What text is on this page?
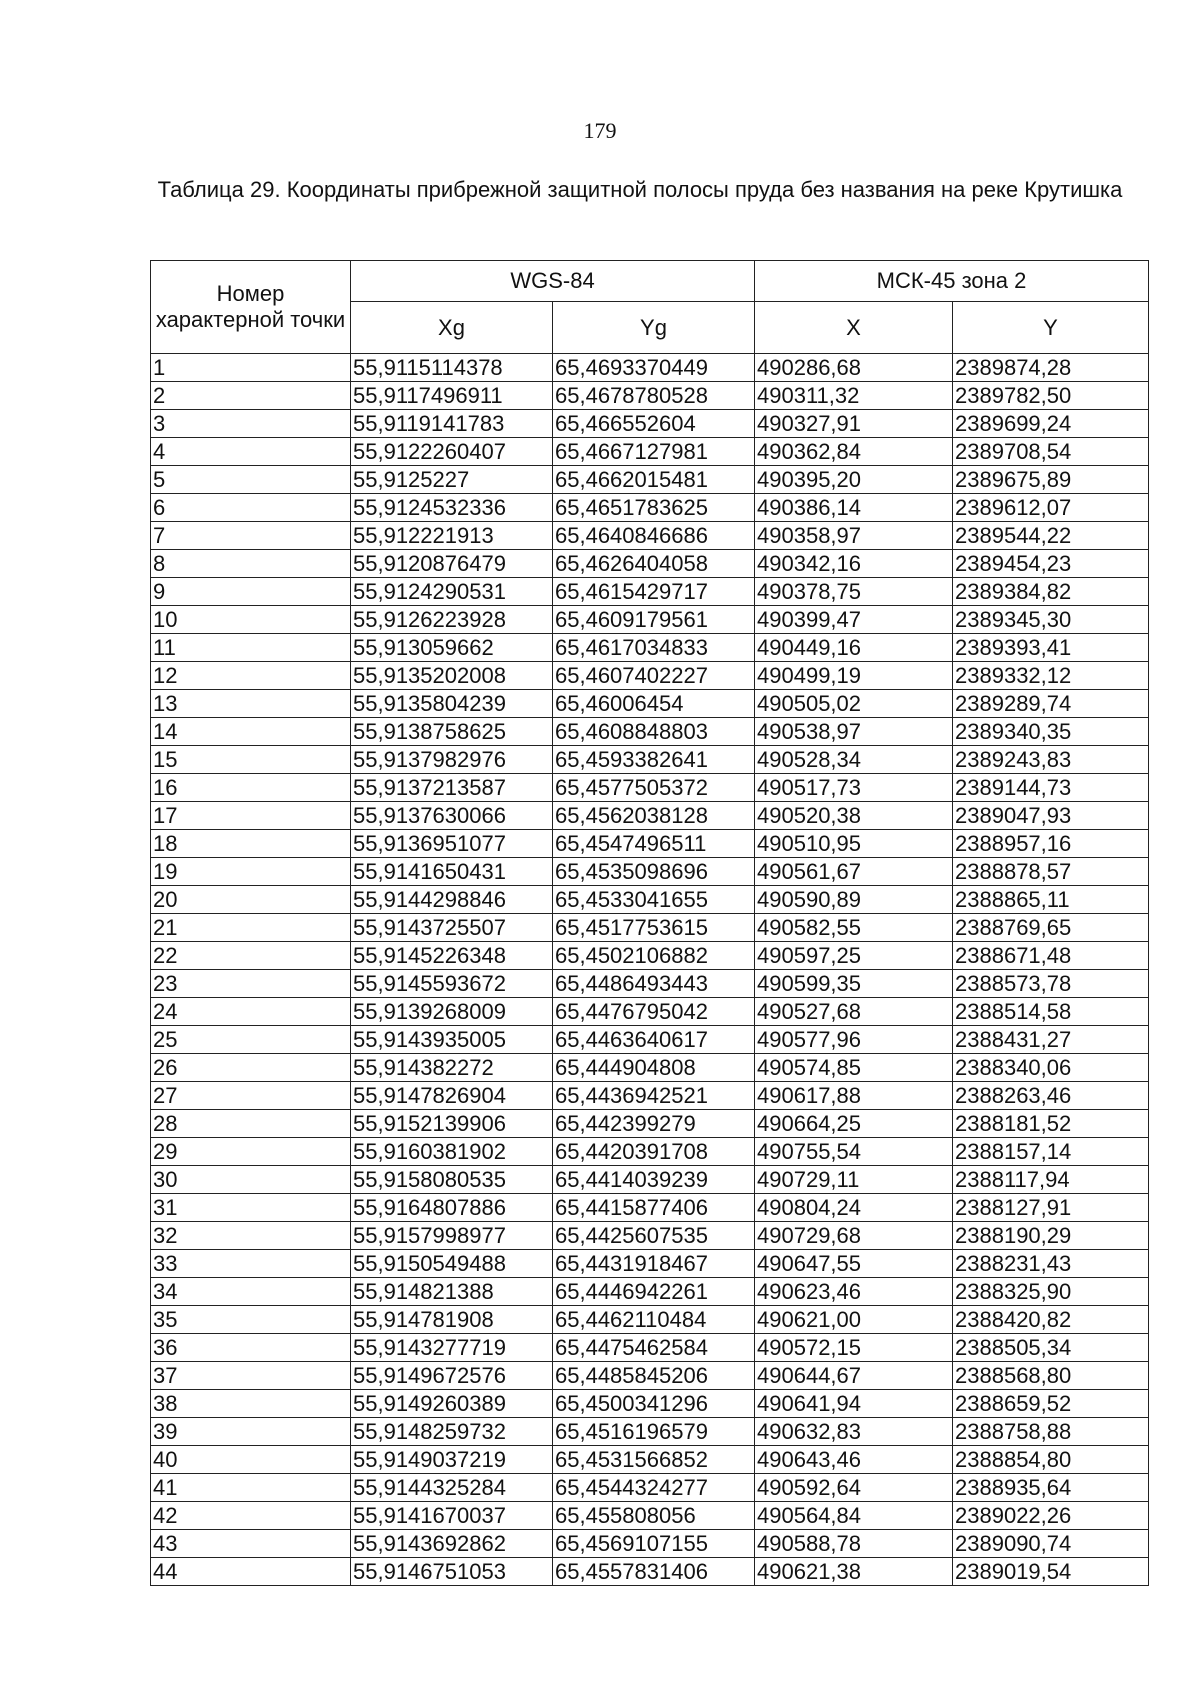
179
Таблица 29. Координаты прибрежной защитной полосы пруда без названия на реке Крутишка
Номер характерной точки	WGS-84		МСК-45 зона 2	
	Xg	Yg	X	Y
1	55,9115114378	65,4693370449	490286,68	2389874,28
2	55,9117496911	65,4678780528	490311,32	2389782,50
3	55,9119141783	65,466552604	490327,91	2389699,24
4	55,9122260407	65,4667127981	490362,84	2389708,54
5	55,9125227	65,4662015481	490395,20	2389675,89
6	55,9124532336	65,4651783625	490386,14	2389612,07
7	55,912221913	65,4640846686	490358,97	2389544,22
8	55,9120876479	65,4626404058	490342,16	2389454,23
9	55,9124290531	65,4615429717	490378,75	2389384,82
10	55,9126223928	65,4609179561	490399,47	2389345,30
11	55,913059662	65,4617034833	490449,16	2389393,41
12	55,9135202008	65,4607402227	490499,19	2389332,12
13	55,9135804239	65,46006454	490505,02	2389289,74
14	55,9138758625	65,4608848803	490538,97	2389340,35
15	55,9137982976	65,4593382641	490528,34	2389243,83
16	55,9137213587	65,4577505372	490517,73	2389144,73
17	55,9137630066	65,4562038128	490520,38	2389047,93
18	55,9136951077	65,4547496511	490510,95	2388957,16
19	55,9141650431	65,4535098696	490561,67	2388878,57
20	55,9144298846	65,4533041655	490590,89	2388865,11
21	55,9143725507	65,4517753615	490582,55	2388769,65
22	55,9145226348	65,4502106882	490597,25	2388671,48
23	55,9145593672	65,4486493443	490599,35	2388573,78
24	55,9139268009	65,4476795042	490527,68	2388514,58
25	55,9143935005	65,4463640617	490577,96	2388431,27
26	55,914382272	65,444904808	490574,85	2388340,06
27	55,9147826904	65,4436942521	490617,88	2388263,46
28	55,9152139906	65,442399279	490664,25	2388181,52
29	55,9160381902	65,4420391708	490755,54	2388157,14
30	55,9158080535	65,4414039239	490729,11	2388117,94
31	55,9164807886	65,4415877406	490804,24	2388127,91
32	55,9157998977	65,4425607535	490729,68	2388190,29
33	55,9150549488	65,4431918467	490647,55	2388231,43
34	55,914821388	65,4446942261	490623,46	2388325,90
35	55,914781908	65,4462110484	490621,00	2388420,82
36	55,9143277719	65,4475462584	490572,15	2388505,34
37	55,9149672576	65,4485845206	490644,67	2388568,80
38	55,9149260389	65,4500341296	490641,94	2388659,52
39	55,9148259732	65,4516196579	490632,83	2388758,88
40	55,9149037219	65,4531566852	490643,46	2388854,80
41	55,9144325284	65,4544324277	490592,64	2388935,64
42	55,9141670037	65,455808056	490564,84	2389022,26
43	55,9143692862	65,4569107155	490588,78	2389090,74
44	55,9146751053	65,4557831406	490621,38	2389019,54
